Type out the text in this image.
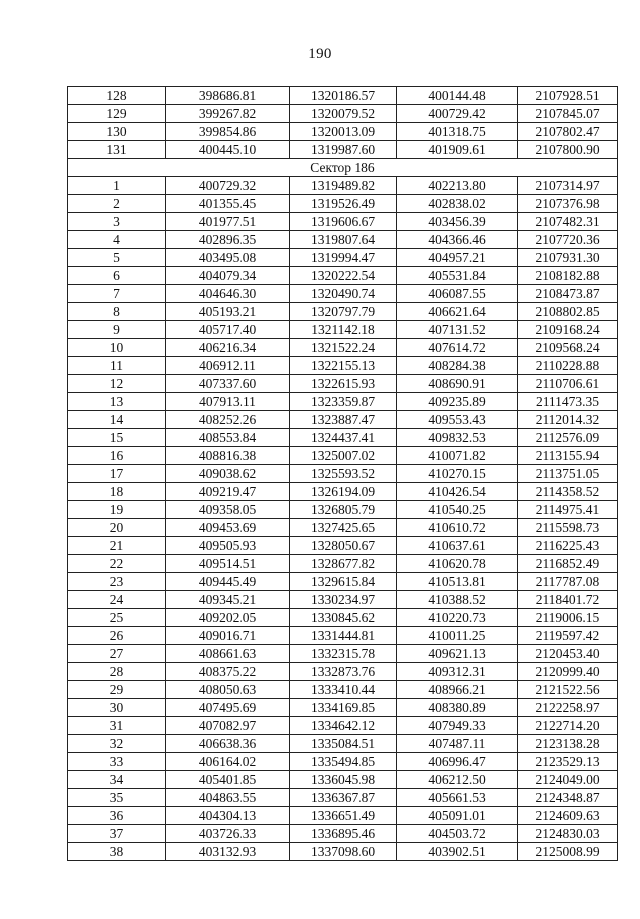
190
128	398686.81	1320186.57	400144.48	2107928.51
129	399267.82	1320079.52	400729.42	2107845.07
130	399854.86	1320013.09	401318.75	2107802.47
131	400445.10	1319987.60	401909.61	2107800.90
Сектор 186				
1	400729.32	1319489.82	402213.80	2107314.97
2	401355.45	1319526.49	402838.02	2107376.98
3	401977.51	1319606.67	403456.39	2107482.31
4	402896.35	1319807.64	404366.46	2107720.36
5	403495.08	1319994.47	404957.21	2107931.30
6	404079.34	1320222.54	405531.84	2108182.88
7	404646.30	1320490.74	406087.55	2108473.87
8	405193.21	1320797.79	406621.64	2108802.85
9	405717.40	1321142.18	407131.52	2109168.24
10	406216.34	1321522.24	407614.72	2109568.24
11	406912.11	1322155.13	408284.38	2110228.88
12	407337.60	1322615.93	408690.91	2110706.61
13	407913.11	1323359.87	409235.89	2111473.35
14	408252.26	1323887.47	409553.43	2112014.32
15	408553.84	1324437.41	409832.53	2112576.09
16	408816.38	1325007.02	410071.82	2113155.94
17	409038.62	1325593.52	410270.15	2113751.05
18	409219.47	1326194.09	410426.54	2114358.52
19	409358.05	1326805.79	410540.25	2114975.41
20	409453.69	1327425.65	410610.72	2115598.73
21	409505.93	1328050.67	410637.61	2116225.43
22	409514.51	1328677.82	410620.78	2116852.49
23	409445.49	1329615.84	410513.81	2117787.08
24	409345.21	1330234.97	410388.52	2118401.72
25	409202.05	1330845.62	410220.73	2119006.15
26	409016.71	1331444.81	410011.25	2119597.42
27	408661.63	1332315.78	409621.13	2120453.40
28	408375.22	1332873.76	409312.31	2120999.40
29	408050.63	1333410.44	408966.21	2121522.56
30	407495.69	1334169.85	408380.89	2122258.97
31	407082.97	1334642.12	407949.33	2122714.20
32	406638.36	1335084.51	407487.11	2123138.28
33	406164.02	1335494.85	406996.47	2123529.13
34	405401.85	1336045.98	406212.50	2124049.00
35	404863.55	1336367.87	405661.53	2124348.87
36	404304.13	1336651.49	405091.01	2124609.63
37	403726.33	1336895.46	404503.72	2124830.03
38	403132.93	1337098.60	403902.51	2125008.99
